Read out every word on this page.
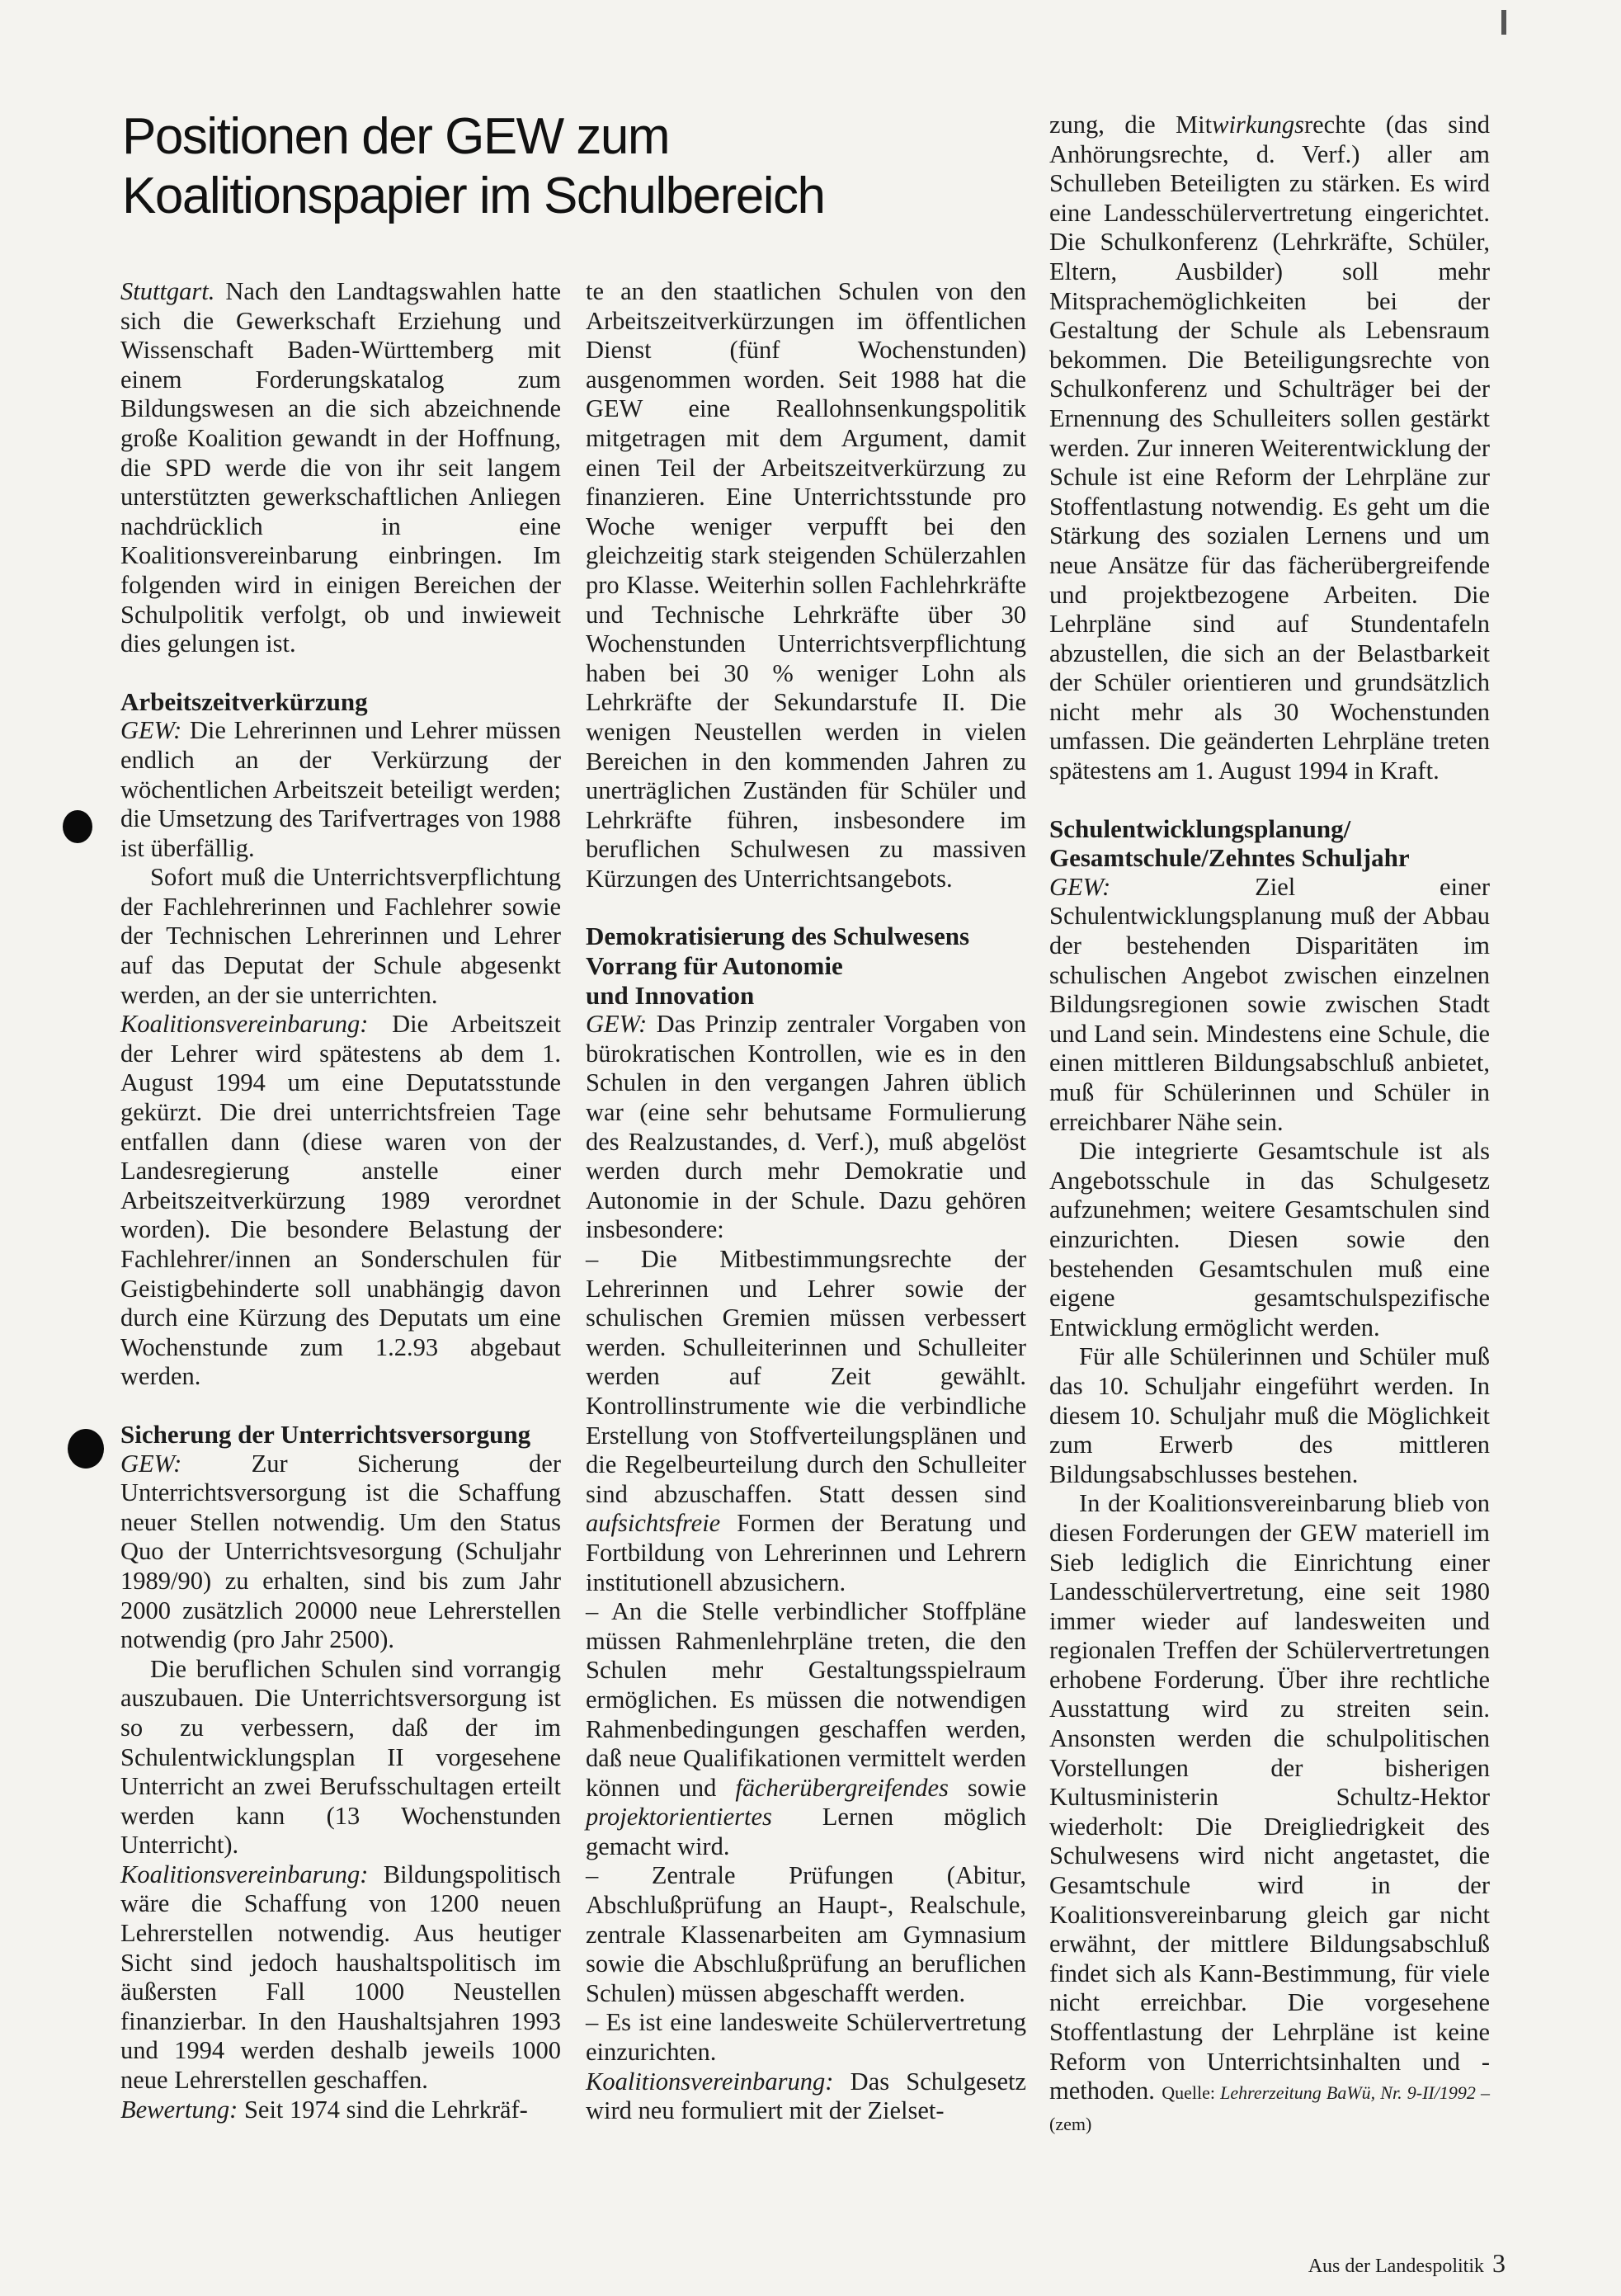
Positionen der GEW zum
Koalitionspapier im Schulbereich

Stuttgart. Nach den Landtagswahlen hatte sich die Gewerkschaft Erziehung und Wissenschaft Baden-Württemberg mit einem Forderungskatalog zum Bildungswesen an die sich abzeichnende große Koalition gewandt in der Hoffnung, die SPD werde die von ihr seit langem unterstützten gewerkschaftlichen Anliegen nachdrücklich in eine Koalitionsvereinbarung einbringen. Im folgenden wird in einigen Bereichen der Schulpolitik verfolgt, ob und inwieweit dies gelungen ist.

Arbeitszeitverkürzung

GEW: Die Lehrerinnen und Lehrer müssen endlich an der Verkürzung der wöchentlichen Arbeitszeit beteiligt werden; die Umsetzung des Tarifvertrages von 1988 ist überfällig.

Sofort muß die Unterrichtsverpflichtung der Fachlehrerinnen und Fachlehrer sowie der Technischen Lehrerinnen und Lehrer auf das Deputat der Schule abgesenkt werden, an der sie unterrichten.

Koalitionsvereinbarung: Die Arbeitszeit der Lehrer wird spätestens ab dem 1. August 1994 um eine Deputatsstunde gekürzt. Die drei unterrichtsfreien Tage entfallen dann (diese waren von der Landesregierung anstelle einer Arbeitszeitverkürzung 1989 verordnet worden). Die besondere Belastung der Fachlehrer/innen an Sonderschulen für Geistigbehinderte soll unabhängig davon durch eine Kürzung des Deputats um eine Wochenstunde zum 1.2.93 abgebaut werden.

Sicherung der Unterrichtsversorgung

GEW: Zur Sicherung der Unterrichtsversorgung ist die Schaffung neuer Stellen notwendig. Um den Status Quo der Unterrichtsvesorgung (Schuljahr 1989/90) zu erhalten, sind bis zum Jahr 2000 zusätzlich 20000 neue Lehrerstellen notwendig (pro Jahr 2500).

Die beruflichen Schulen sind vorrangig auszubauen. Die Unterrichtsversorgung ist so zu verbessern, daß der im Schulentwicklungsplan II vorgesehene Unterricht an zwei Berufsschultagen erteilt werden kann (13 Wochenstunden Unterricht).

Koalitionsvereinbarung: Bildungspolitisch wäre die Schaffung von 1200 neuen Lehrerstellen notwendig. Aus heutiger Sicht sind jedoch haushaltspolitisch im äußersten Fall 1000 Neustellen finanzierbar. In den Haushaltsjahren 1993 und 1994 werden deshalb jeweils 1000 neue Lehrerstellen geschaffen.

Bewertung: Seit 1974 sind die Lehrkräf-

te an den staatlichen Schulen von den Arbeitszeitverkürzungen im öffentlichen Dienst (fünf Wochenstunden) ausgenommen worden. Seit 1988 hat die GEW eine Reallohnsenkungspolitik mitgetragen mit dem Argument, damit einen Teil der Arbeitszeitverkürzung zu finanzieren. Eine Unterrichtsstunde pro Woche weniger verpufft bei den gleichzeitig stark steigenden Schülerzahlen pro Klasse. Weiterhin sollen Fachlehrkräfte und Technische Lehrkräfte über 30 Wochenstunden Unterrichtsverpflichtung haben bei 30 % weniger Lohn als Lehrkräfte der Sekundarstufe II. Die wenigen Neustellen werden in vielen Bereichen in den kommenden Jahren zu unerträglichen Zuständen für Schüler und Lehrkräfte führen, insbesondere im beruflichen Schulwesen zu massiven Kürzungen des Unterrichtsangebots.

Demokratisierung des Schulwesens
Vorrang für Autonomie
und Innovation

GEW: Das Prinzip zentraler Vorgaben von bürokratischen Kontrollen, wie es in den Schulen in den vergangen Jahren üblich war (eine sehr behutsame Formulierung des Realzustandes, d. Verf.), muß abgelöst werden durch mehr Demokratie und Autonomie in der Schule. Dazu gehören insbesondere:

– Die Mitbestimmungsrechte der Lehrerinnen und Lehrer sowie der schulischen Gremien müssen verbessert werden. Schulleiterinnen und Schulleiter werden auf Zeit gewählt. Kontrollinstrumente wie die verbindliche Erstellung von Stoffverteilungsplänen und die Regelbeurteilung durch den Schulleiter sind abzuschaffen. Statt dessen sind aufsichtsfreie Formen der Beratung und Fortbildung von Lehrerinnen und Lehrern institutionell abzusichern.

– An die Stelle verbindlicher Stoffpläne müssen Rahmenlehrpläne treten, die den Schulen mehr Gestaltungsspielraum ermöglichen. Es müssen die notwendigen Rahmenbedingungen geschaffen werden, daß neue Qualifikationen vermittelt werden können und fächerübergreifendes sowie projektorientiertes Lernen möglich gemacht wird.

– Zentrale Prüfungen (Abitur, Abschlußprüfung an Haupt-, Realschule, zentrale Klassenarbeiten am Gymnasium sowie die Abschlußprüfung an beruflichen Schulen) müssen abgeschafft werden.

– Es ist eine landesweite Schülervertretung einzurichten.

Koalitionsvereinbarung: Das Schulgesetz wird neu formuliert mit der Zielset-

zung, die Mitwirkungsrechte (das sind Anhörungsrechte, d. Verf.) aller am Schulleben Beteiligten zu stärken. Es wird eine Landesschülervertretung eingerichtet. Die Schulkonferenz (Lehrkräfte, Schüler, Eltern, Ausbilder) soll mehr Mitsprachemöglichkeiten bei der Gestaltung der Schule als Lebensraum bekommen. Die Beteiligungsrechte von Schulkonferenz und Schulträger bei der Ernennung des Schulleiters sollen gestärkt werden. Zur inneren Weiterentwicklung der Schule ist eine Reform der Lehrpläne zur Stoffentlastung notwendig. Es geht um die Stärkung des sozialen Lernens und um neue Ansätze für das fächerübergreifende und projektbezogene Arbeiten. Die Lehrpläne sind auf Stundentafeln abzustellen, die sich an der Belastbarkeit der Schüler orientieren und grundsätzlich nicht mehr als 30 Wochenstunden umfassen. Die geänderten Lehrpläne treten spätestens am 1. August 1994 in Kraft.

Schulentwicklungsplanung/
Gesamtschule/Zehntes Schuljahr

GEW: Ziel einer Schulentwicklungsplanung muß der Abbau der bestehenden Disparitäten im schulischen Angebot zwischen einzelnen Bildungsregionen sowie zwischen Stadt und Land sein. Mindestens eine Schule, die einen mittleren Bildungsabschluß anbietet, muß für Schülerinnen und Schüler in erreichbarer Nähe sein.

Die integrierte Gesamtschule ist als Angebotsschule in das Schulgesetz aufzunehmen; weitere Gesamtschulen sind einzurichten. Diesen sowie den bestehenden Gesamtschulen muß eine eigene gesamtschulspezifische Entwicklung ermöglicht werden.

Für alle Schülerinnen und Schüler muß das 10. Schuljahr eingeführt werden. In diesem 10. Schuljahr muß die Möglichkeit zum Erwerb des mittleren Bildungsabschlusses bestehen.

In der Koalitionsvereinbarung blieb von diesen Forderungen der GEW materiell im Sieb lediglich die Einrichtung einer Landesschülervertretung, eine seit 1980 immer wieder auf landesweiten und regionalen Treffen der Schülervertretungen erhobene Forderung. Über ihre rechtliche Ausstattung wird zu streiten sein. Ansonsten werden die schulpolitischen Vorstellungen der bisherigen Kultusministerin Schultz-Hektor wiederholt: Die Dreigliedrigkeit des Schulwesens wird nicht angetastet, die Gesamtschule wird in der Koalitionsvereinbarung gleich gar nicht erwähnt, der mittlere Bildungsabschluß findet sich als Kann-Bestimmung, für viele nicht erreichbar. Die vorgesehene Stoffentlastung der Lehrpläne ist keine Reform von Unterrichtsinhalten und -methoden. Quelle: Lehrerzeitung BaWü, Nr. 9-II/1992 – (zem)

Aus der Landespolitik 3
